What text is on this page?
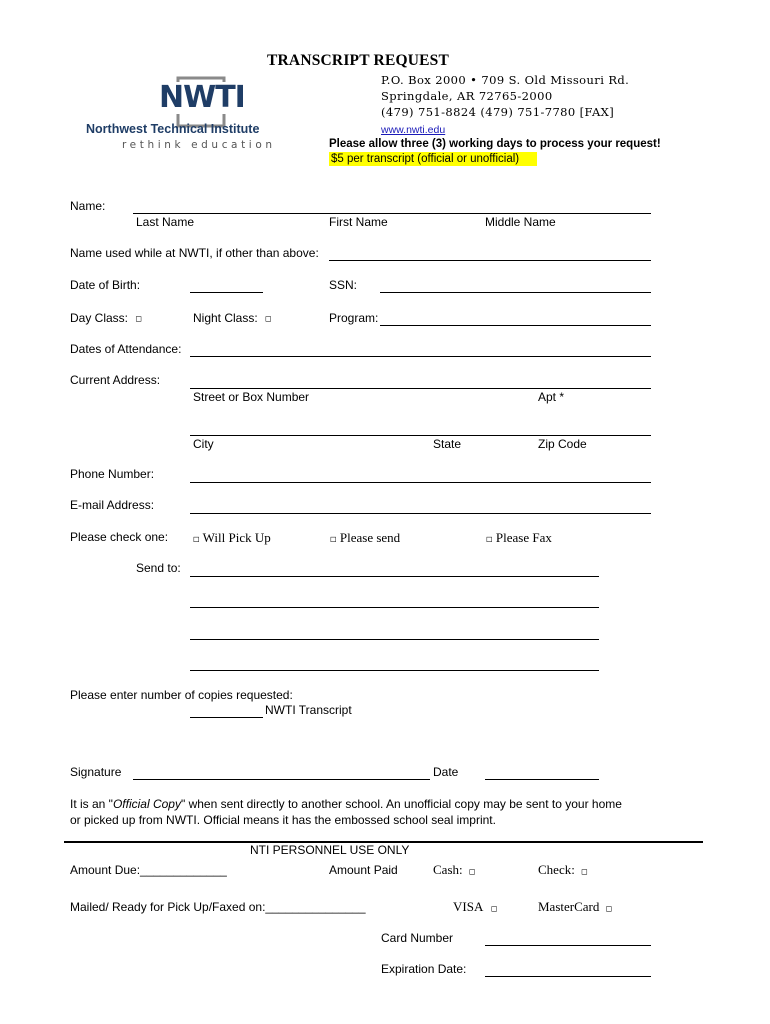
TRANSCRIPT REQUEST
P.O. Box 2000 • 709 S. Old Missouri Rd.
Springdale, AR 72765-2000
(479) 751-8824 (479) 751-7780 [FAX]
www.nwti.edu
Please allow three (3) working days to process your request!
$5 per transcript (official or unofficial)
NWTI
Northwest Technical Institute
rethink education
Name:
Last Name	First Name	Middle Name
Name used while at NWTI, if other than above:
Date of Birth:	SSN:
Day Class: ◻	Night Class: ◻	Program:
Dates of Attendance:
Current Address:
Street or Box Number	Apt *
City	State	Zip Code
Phone Number:
E-mail Address:
Please check one:	◻ Will Pick Up	◻ Please send	◻ Please Fax
Send to:
Please enter number of copies requested:
NWTI Transcript
Signature	Date
It is an "Official Copy" when sent directly to another school. An unofficial copy may be sent to your home
or picked up from NWTI. Official means it has the embossed school seal imprint.
NTI PERSONNEL USE ONLY
Amount Due:_____________	Amount Paid	Cash: ◻	Check: ◻
Mailed/ Ready for Pick Up/Faxed on:_______________	VISA ◻	MasterCard ◻
Card Number
Expiration Date:
